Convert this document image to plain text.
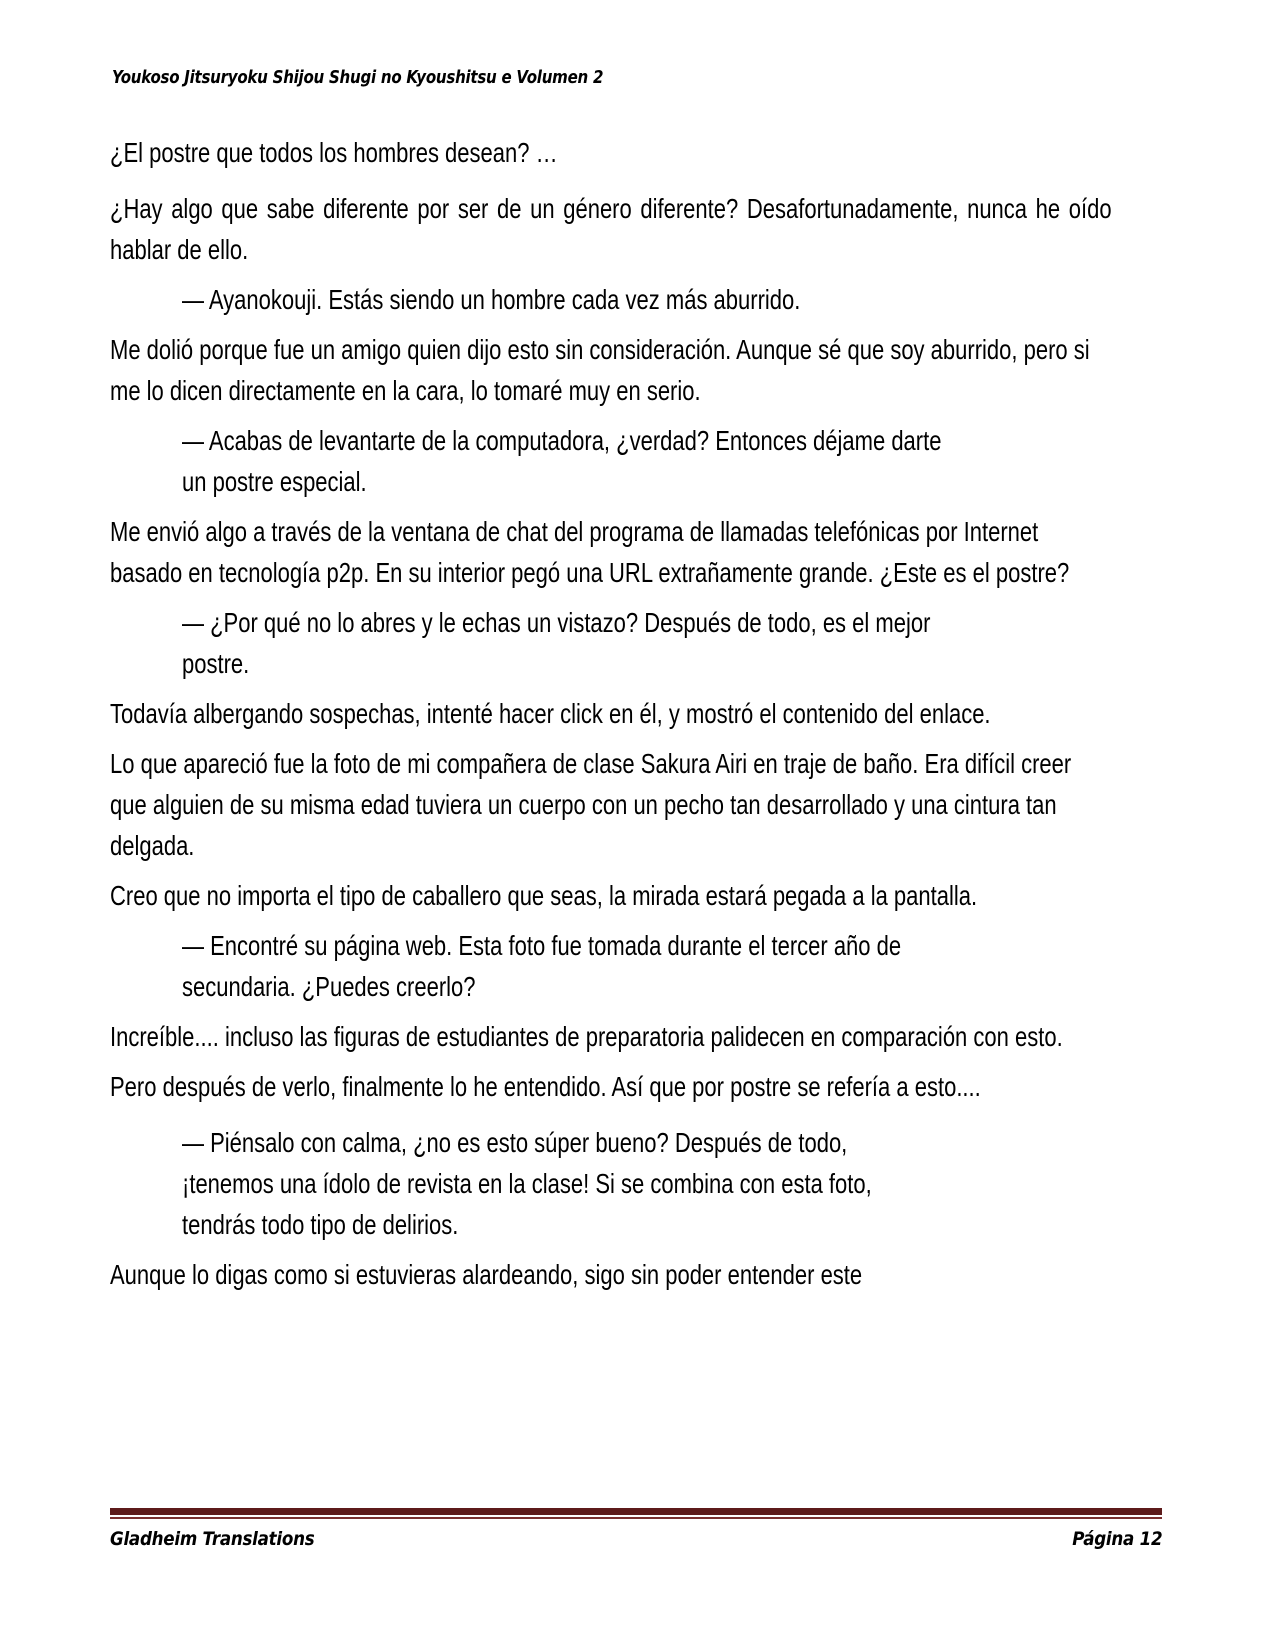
Youkoso Jitsuryoku Shijou Shugi no Kyoushitsu e Volumen 2
¿El postre que todos los hombres desean? …
¿Hay algo que sabe diferente por ser de un género diferente? Desafortunadamente, nunca he oído hablar de ello.
— Ayanokouji. Estás siendo un hombre cada vez más aburrido.
Me dolió porque fue un amigo quien dijo esto sin consideración. Aunque sé que soy aburrido, pero si me lo dicen directamente en la cara, lo tomaré muy en serio.
— Acabas de levantarte de la computadora, ¿verdad? Entonces déjame darte
un postre especial.
Me envió algo a través de la ventana de chat del programa de llamadas telefónicas por Internet basado en tecnología p2p. En su interior pegó una URL extrañamente grande. ¿Este es el postre?
— ¿Por qué no lo abres y le echas un vistazo? Después de todo, es el mejor
postre.
Todavía albergando sospechas, intenté hacer click en él, y mostró el contenido del enlace.
Lo que apareció fue la foto de mi compañera de clase Sakura Airi en traje de baño. Era difícil creer que alguien de su misma edad tuviera un cuerpo con un pecho tan desarrollado y una cintura tan delgada.
Creo que no importa el tipo de caballero que seas, la mirada estará pegada a la pantalla.
— Encontré su página web. Esta foto fue tomada durante el tercer año de
secundaria. ¿Puedes creerlo?
Increíble.... incluso las figuras de estudiantes de preparatoria palidecen en comparación con esto.
Pero después de verlo, finalmente lo he entendido. Así que por postre se refería a esto....
— Piénsalo con calma, ¿no es esto súper bueno? Después de todo,
¡tenemos una ídolo de revista en la clase! Si se combina con esta foto,
tendrás todo tipo de delirios.
Aunque lo digas como si estuvieras alardeando, sigo sin poder entender este
Gladheim Translations	Página 12
